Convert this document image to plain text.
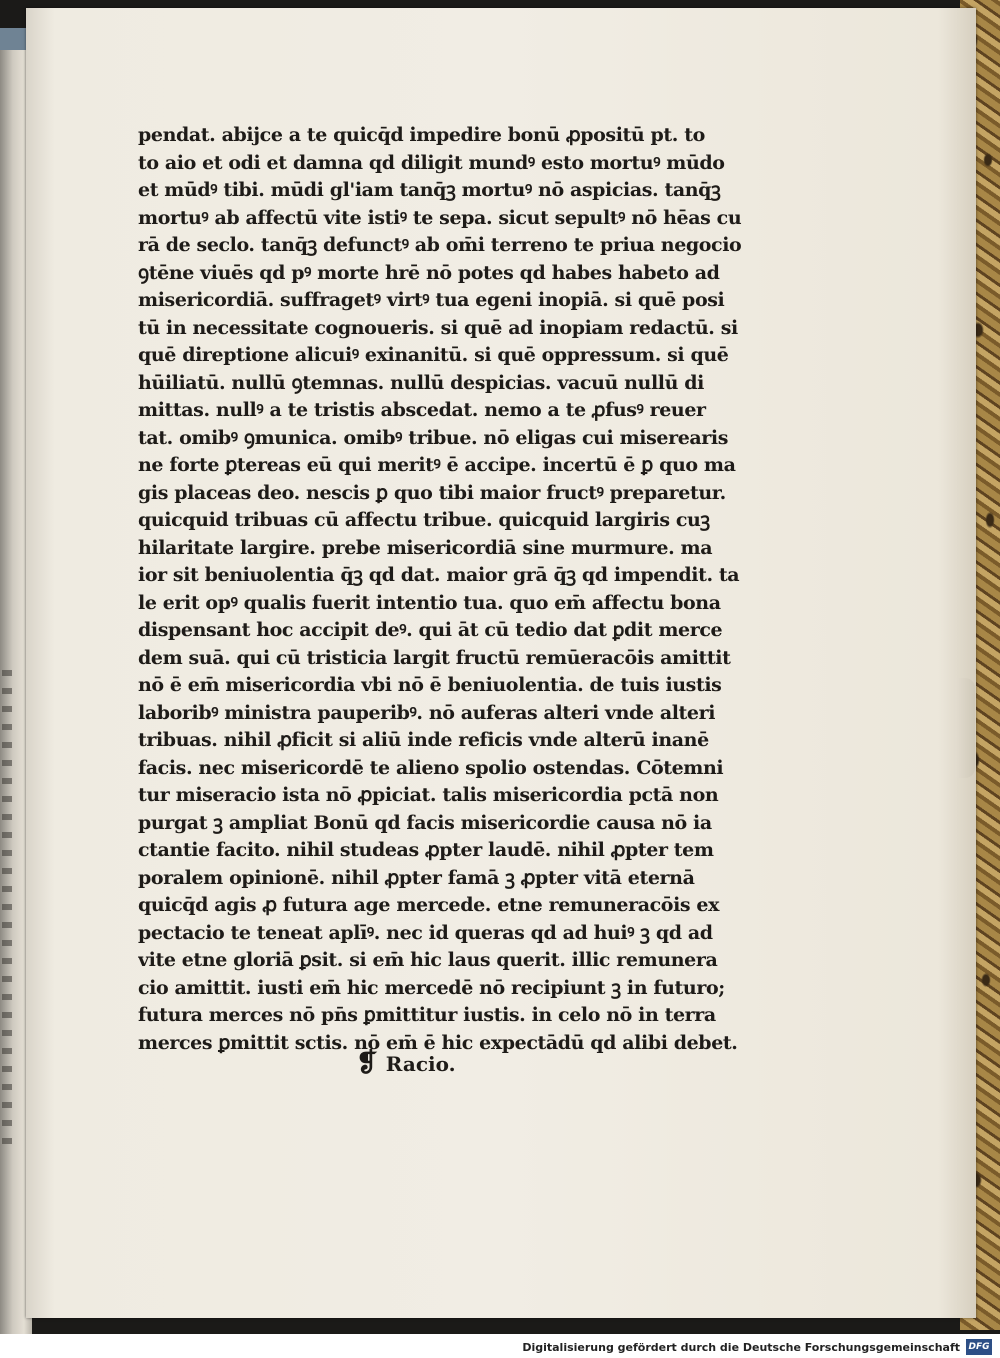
pendat. abijce a te quicq̄d impedire bonū ꝓpositū pt. to
to aio et odi et damna qd diligit mundꝰ esto mortuꝰ mūdo
et mūdꝰ tibi. mūdi gl'iam tanq̄ꝫ mortuꝰ nō aspicias. tanq̄ꝫ
mortuꝰ ab affectū vite istiꝰ te sepa. sicut sepultꝰ nō hēas cu
rā de seclo. tanq̄ꝫ defunctꝰ ab om̄i terreno te priua negocio
ꝯtēne viuēs qd pꝰ morte hrē nō potes qd habes habeto ad
misericordiā. suffragetꝰ virtꝰ tua egeni inopiā. si quē posi
tū in necessitate cognoueris. si quē ad inopiam redactū. si
quē direptione alicuiꝰ exinanitū. si quē oppressum. si quē
hūiliatū. nullū ꝯtemnas. nullū despicias. vacuū nullū di
mittas. nullꝰ a te tristis abscedat. nemo a te ꝓfusꝰ reuer
tat. omibꝰ ꝯmunica. omibꝰ tribue. nō eligas cui miserearis
ne forte ꝑtereas eū qui meritꝰ ē accipe. incertū ē ꝑ quo ma
gis placeas deo. nescis ꝑ quo tibi maior fructꝰ preparetur.
quicquid tribuas cū affectu tribue. quicquid largiris cuꝫ
hilaritate largire. prebe misericordiā sine murmure. ma
ior sit beniuolentia q̄ꝫ qd dat. maior grā q̄ꝫ qd impendit. ta
le erit opꝰ qualis fuerit intentio tua. quo em̄ affectu bona
dispensant hoc accipit deꝰ. qui āt cū tedio dat ꝑdit merce
dem suā. qui cū tristicia largit fructū remūeracōis amittit
nō ē em̄ misericordia vbi nō ē beniuolentia. de tuis iustis
laboribꝰ ministra pauperibꝰ. nō auferas alteri vnde alteri
tribuas. nihil ꝓficit si aliū inde reficis vnde alterū inanē
facis. nec misericordē te alieno spolio ostendas. Cōtemni
tur miseracio ista nō ꝓpiciat. talis misericordia pctā non
purgat ꝫ ampliat Bonū qd facis misericordie causa nō ia
ctantie facito. nihil studeas ꝓpter laudē. nihil ꝓpter tem
poralem opinionē. nihil ꝓpter famā ꝫ ꝓpter vitā eternā
quicq̄d agis ꝓ futura age mercede. etne remuneracōis ex
pectacio te teneat aplīꝰ. nec id queras qd ad huiꝰ ꝫ qd ad
vite etne gloriā ꝑsit. si em̄ hic laus querit. illic remunera
cio amittit. iusti em̄ hic mercedē nō recipiunt ꝫ in futuro;
futura merces nō pn̄s ꝑmittitur iustis. in celo nō in terra
merces ꝑmittit sctis. nō em̄ ē hic expectādū qd alibi debet.
❡ Racio.
Digitalisierung gefördert durch die Deutsche Forschungsgemeinschaft DFG
